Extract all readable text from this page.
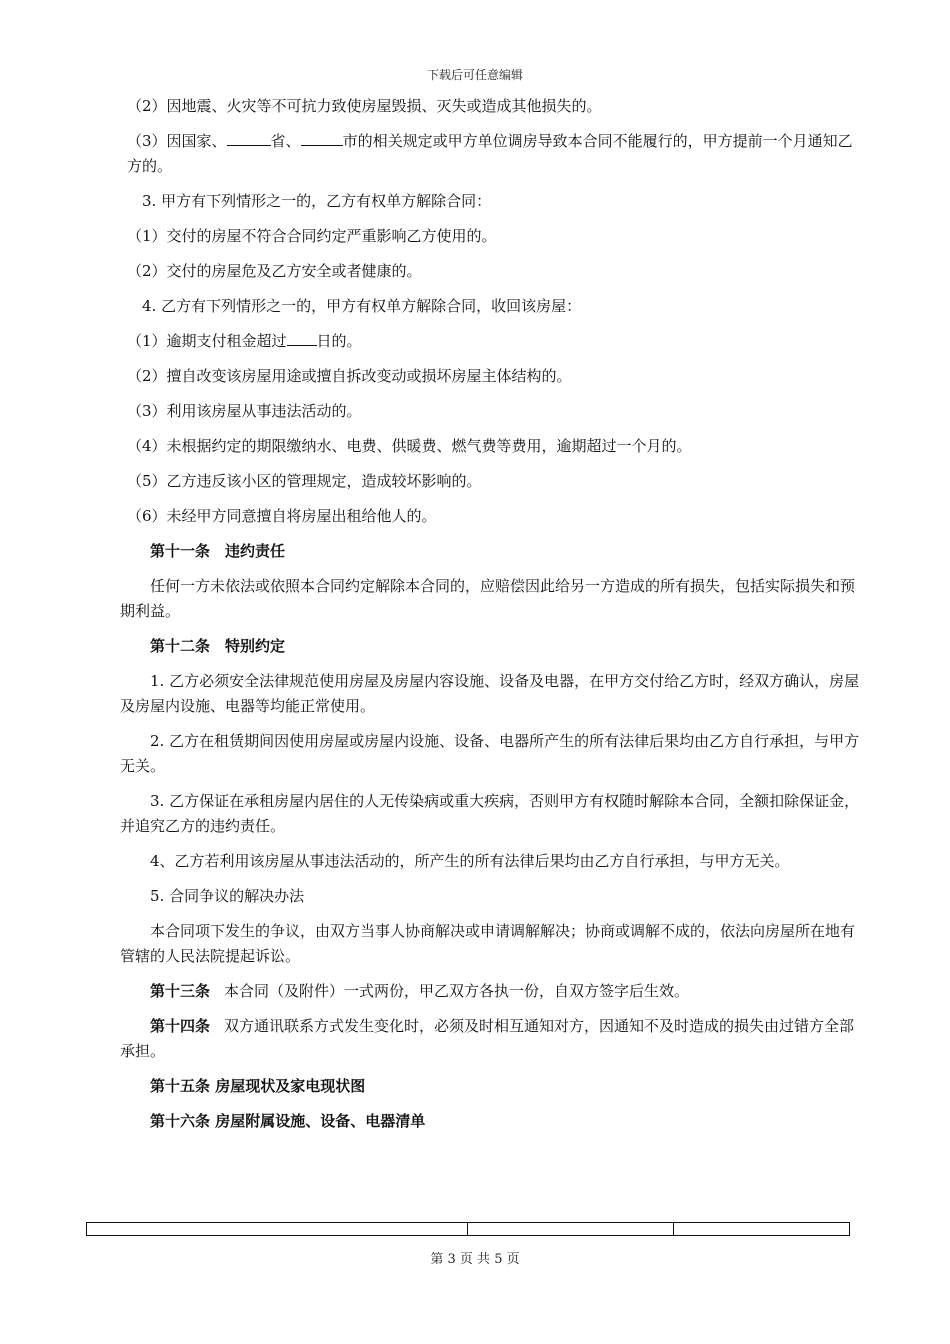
下载后可任意编辑

（2）因地震、火灾等不可抗力致使房屋毁损、灭失或造成其他损失的。

（3）因国家、	省、	市的相关规定或甲方单位调房导致本合同不能履行的，甲方提前一个月通知乙方的。

3. 甲方有下列情形之一的，乙方有权单方解除合同：

（1）交付的房屋不符合合同约定严重影响乙方使用的。

（2）交付的房屋危及乙方安全或者健康的。

4. 乙方有下列情形之一的，甲方有权单方解除合同，收回该房屋：

（1）逾期支付租金超过 日的。

（2）擅自改变该房屋用途或擅自拆改变动或损坏房屋主体结构的。

（3）利用该房屋从事违法活动的。

（4）未根据约定的期限缴纳水、电费、供暖费、燃气费等费用，逾期超过一个月的。

（5）乙方违反该小区的管理规定，造成较坏影响的。

（6）未经甲方同意擅自将房屋出租给他人的。

第十一条　违约责任

任何一方未依法或依照本合同约定解除本合同的，应赔偿因此给另一方造成的所有损失，包括实际损失和预期利益。

第十二条　特别约定

1. 乙方必须安全法律规范使用房屋及房屋内容设施、设备及电器，在甲方交付给乙方时，经双方确认，房屋及房屋内设施、电器等均能正常使用。

2. 乙方在租赁期间因使用房屋或房屋内设施、设备、电器所产生的所有法律后果均由乙方自行承担，与甲方无关。

3. 乙方保证在承租房屋内居住的人无传染病或重大疾病，否则甲方有权随时解除本合同，全额扣除保证金，并追究乙方的违约责任。

4、乙方若利用该房屋从事违法活动的，所产生的所有法律后果均由乙方自行承担，与甲方无关。

5. 合同争议的解决办法

本合同项下发生的争议，由双方当事人协商解决或申请调解解决；协商或调解不成的，依法向房屋所在地有管辖的人民法院提起诉讼。

第十三条 本合同（及附件）一式两份，甲乙双方各执一份，自双方签字后生效。

第十四条 双方通讯联系方式发生变化时，必须及时相互通知对方，因通知不及时造成的损失由过错方全部承担。

第十五条 房屋现状及家电现状图

第十六条 房屋附属设施、设备、电器清单

第 3 页 共 5 页
